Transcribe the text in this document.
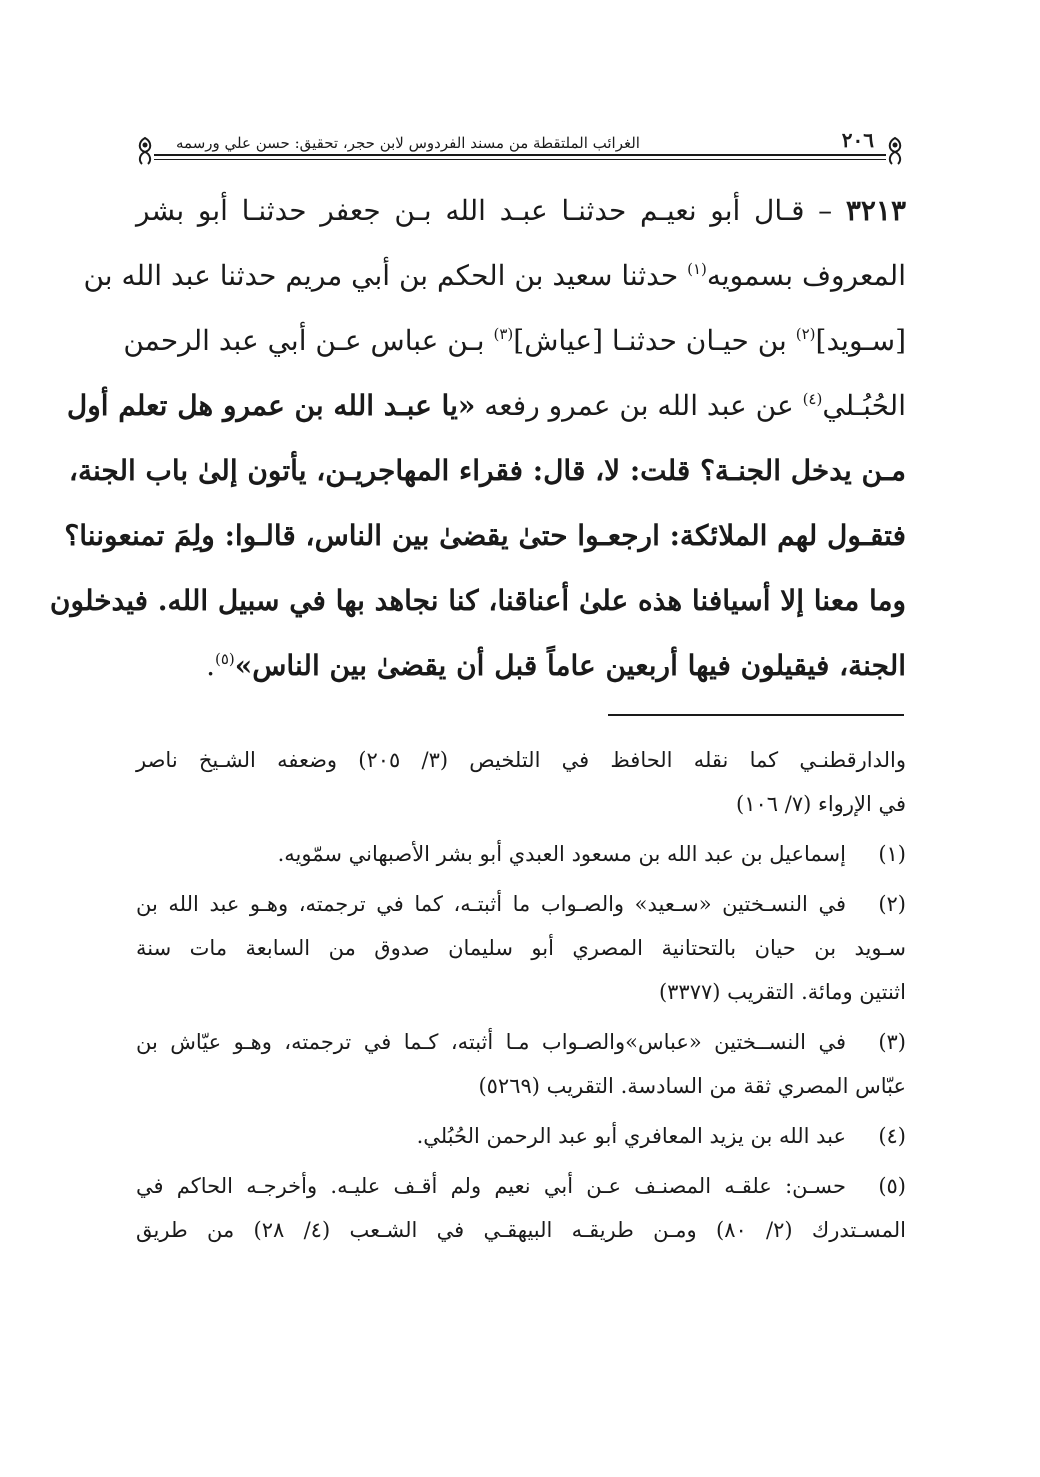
٢٠٦
الغرائب الملتقطة من مسند الفردوس لابن حجر، تحقيق: حسن علي ورسمه
٣٢١٣ – قـال أبو نعيـم حدثنـا عبـد الله بـن جعفر حدثنـا أبو بشر
المعروف بسمويه$^{(١)}$ حدثنا سعيد بن الحكم بن أبي مريم حدثنا عبد الله بن
[سـويد]$^{(٢)}$ بن حيـان حدثنـا [عياش]$^{(٣)}$ بـن عباس عـن أبي عبد الرحمن
الحُبُـلي$^{(٤)}$ عن عبد الله بن عمرو رفعه «يا عبـد الله بن عمرو هل تعلم أول
مـن يدخل الجنـة؟ قلت: لا، قال: فقراء المهاجريـن، يأتون إلىٰ باب الجنة،
فتقـول لهم الملائكة: ارجعـوا حتىٰ يقضىٰ بين الناس، قالـوا: ولِمَ تمنعوننا؟
وما معنا إلا أسيافنا هذه علىٰ أعناقنا، كنا نجاهد بها في سبيل الله. فيدخلون
الجنة، فيقيلون فيها أربعين عاماً قبل أن يقضىٰ بين الناس»$^{(٥)}$.
والدارقطنـي كما نقله الحافظ في التلخيص (٣/ ٢٠٥) وضعفه الشـيخ ناصر
في الإرواء (٧/ ١٠٦)
(١)
إسماعيل بن عبد الله بن مسعود العبدي أبو بشر الأصبهاني سمّويه.
(٢)
في النسـختين «سـعيد» والصـواب ما أثبتـه، كما في ترجمته، وهـو عبد الله بن
سـويد بن حيان بالتحتانية المصري أبو سليمان صدوق من السابعة مات سنة
اثنتين ومائة. التقريب (٣٣٧٧)
(٣)
في النســختين «عباس»والصـواب مـا أثبته، كـما في ترجمته، وهـو عيّاش بن
عبّاس المصري ثقة من السادسة. التقريب (٥٢٦٩)
(٤)
عبد الله بن يزيد المعافري أبو عبد الرحمن الحُبُلي.
(٥)
حسـن: علقـه المصنـف عـن أبي نعيم ولم أقـف عليـه. وأخرجـه الحاكم في
المسـتدرك (٢/ ٨٠) ومـن طريقـه البيهقـي في الشـعب (٤/ ٢٨) من طريق
